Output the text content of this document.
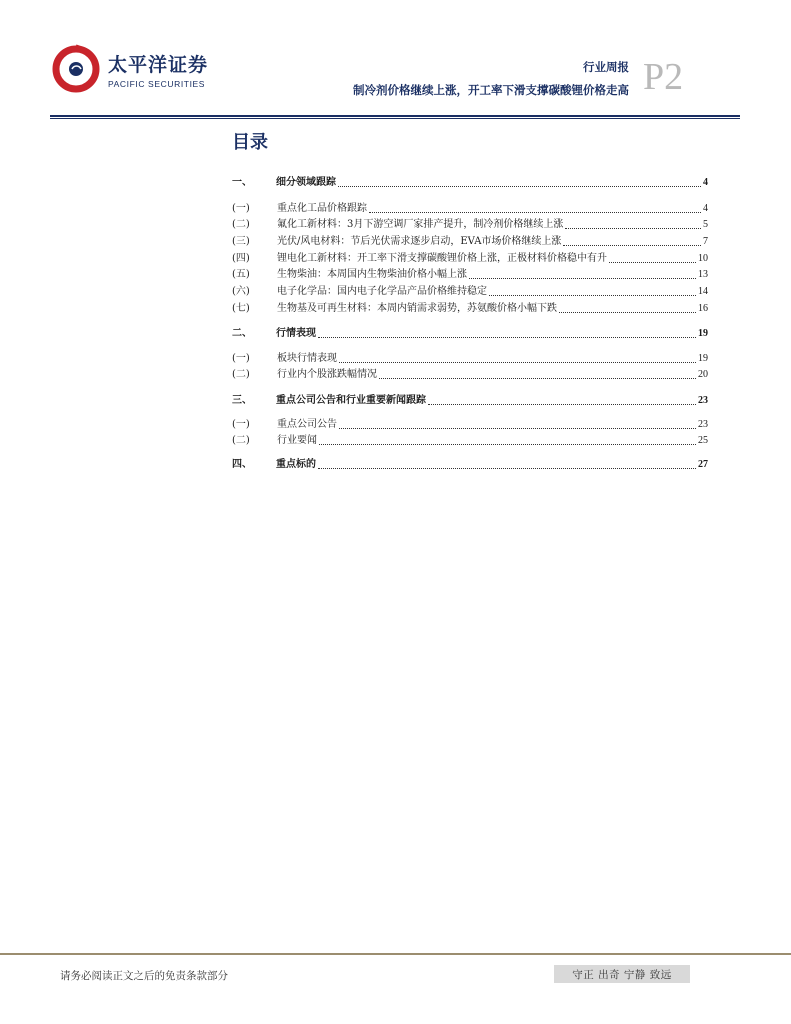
太平洋证券
PACIFIC SECURITIES
行业周报
制冷剂价格继续上涨，开工率下滑支撑碳酸锂价格走高 P2
目录
一、	细分领域跟踪	4
(一)	重点化工品价格跟踪	4
(二)	氟化工新材料：3月下游空调厂家排产提升，制冷剂价格继续上涨	5
(三)	光伏/风电材料：节后光伏需求逐步启动，EVA市场价格继续上涨	7
(四)	锂电化工新材料：开工率下滑支撑碳酸锂价格上涨，正极材料价格稳中有升	10
(五)	生物柴油：本周国内生物柴油价格小幅上涨	13
(六)	电子化学品：国内电子化学品产品价格维持稳定	14
(七)	生物基及可再生材料：本周内销需求弱势，苏氨酸价格小幅下跌	16
二、	行情表现	19
(一)	板块行情表现	19
(二)	行业内个股涨跌幅情况	20
三、	重点公司公告和行业重要新闻跟踪	23
(一)	重点公司公告	23
(二)	行业要闻	25
四、	重点标的	27
请务必阅读正文之后的免责条款部分	守正 出奇 宁静 致远
